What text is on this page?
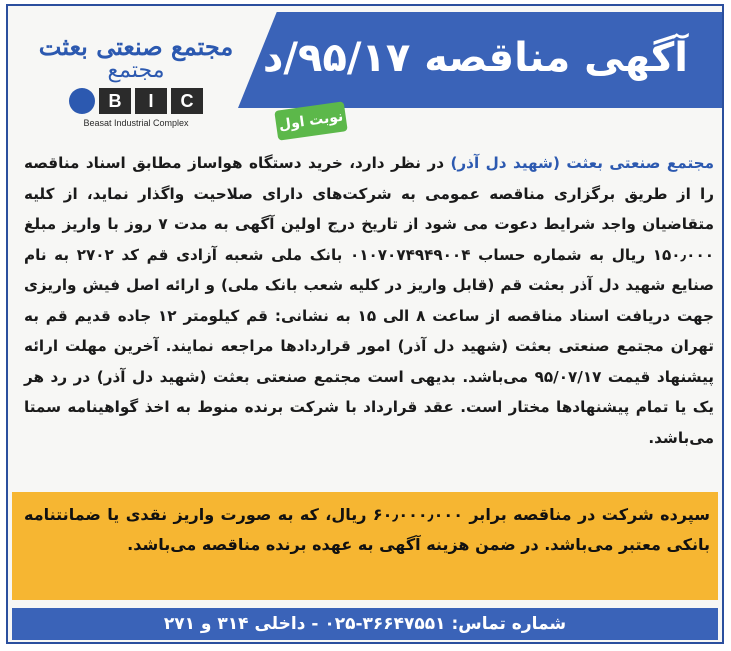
آگهی مناقصه ۹۵/۱۷/د
مجتمع صنعتی بعثت
مجتمع
B	I	C
Beasat Industrial Complex	نوبت اول
مجتمع صنعتی بعثت (شهید دل آذر) در نظر دارد، خرید دستگاه هواساز مطابق اسناد مناقصه را از طریق برگزاری مناقصه عمومی به شرکت‌های دارای صلاحیت واگذار نماید، از کلیه متقاضیان واجد شرایط دعوت می شود از تاریخ درج اولین آگهی به مدت ۷ روز با واریز مبلغ ۱۵۰٫۰۰۰ ریال به شماره حساب ۰۱۰۷۰۷۴۹۴۹۰۰۴ بانک ملی شعبه آزادی قم کد ۲۷۰۲ به نام صنایع شهید دل آذر بعثت قم (قابل واریز در کلیه شعب بانک ملی) و ارائه اصل فیش واریزی جهت دریافت اسناد مناقصه از ساعت ۸ الی ۱۵ به نشانی: قم کیلومتر ۱۲ جاده قدیم قم به تهران مجتمع صنعتی بعثت (شهید دل آذر) امور قراردادها مراجعه نمایند. آخرین مهلت ارائه پیشنهاد قیمت ۹۵/۰۷/۱۷ می‌باشد. بدیهی است مجتمع صنعتی بعثت (شهید دل آذر) در رد هر یک یا تمام پیشنهادها مختار است. عقد قرارداد با شرکت برنده منوط به اخذ گواهینامه سمتا می‌باشد.
سپرده شرکت در مناقصه برابر ۶۰٫۰۰۰٫۰۰۰ ریال، که به صورت واریز نقدی یا ضمانتنامه بانکی معتبر می‌باشد. در ضمن هزینه آگهی به عهده برنده مناقصه می‌باشد.
شماره تماس: ۳۶۶۴۷۵۵۱-۰۲۵ - داخلی ۳۱۴ و ۲۷۱
